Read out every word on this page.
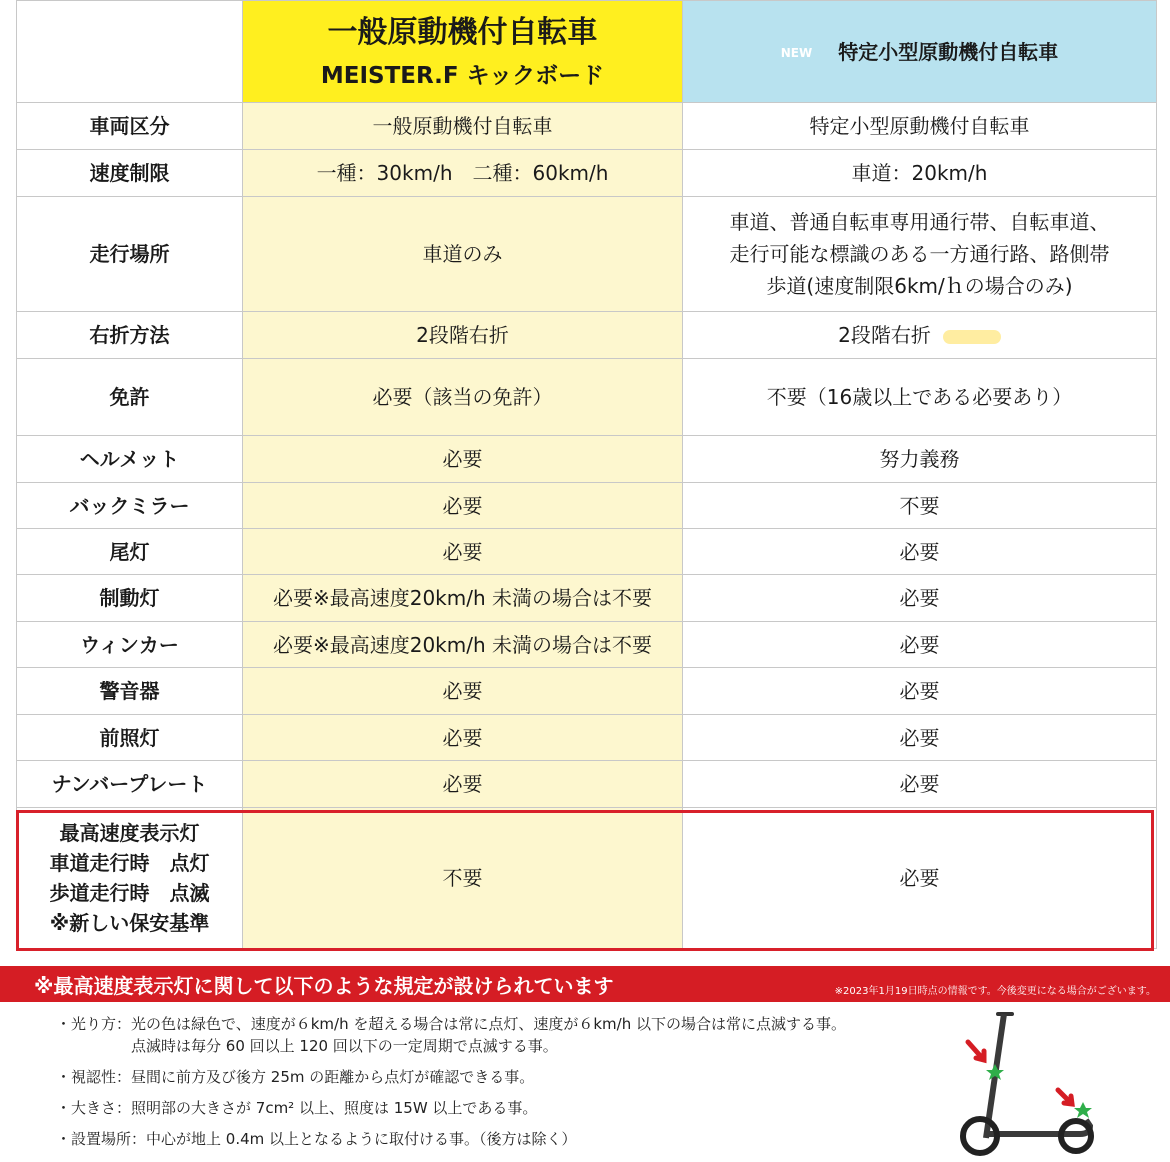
	一般原動機付自転車
MEISTER.F キックボード	NEW 特定小型原動機付自転車
車両区分	一般原動機付自転車	特定小型原動機付自転車
速度制限	一種：30km/h　二種：60km/h	車道：20km/h
走行場所	車道のみ	車道、普通自転車専用通行帯、自転車道、
走行可能な標識のある一方通行路、路側帯
歩道(速度制限6km/ｈの場合のみ)

右折方法	2段階右折	2段階右折
免許	必要（該当の免許）	不要（16歳以上である必要あり）
ヘルメット	必要	努力義務
バックミラー	必要	不要
尾灯	必要	必要
制動灯	必要※最高速度20km/h 未満の場合は不要	必要
ウィンカー	必要※最高速度20km/h 未満の場合は不要	必要
警音器	必要	必要
前照灯	必要	必要
ナンバープレート	必要	必要

最高速度表示灯
車道走行時　点灯
歩道走行時　点滅
※新しい保安基準	不要	必要
※最高速度表示灯に関して以下のような規定が設けられています	※2023年1月19日時点の情報です。今後変更になる場合がございます。
・光り方： 光の色は緑色で、速度が６km/h を超える場合は常に点灯、速度が６km/h 以下の場合は常に点滅する事。
点滅時は毎分 60 回以上 120 回以下の一定周期で点滅する事。
・視認性： 昼間に前方及び後方 25m の距離から点灯が確認できる事。
・大きさ： 照明部の大きさが 7cm² 以上、照度は 15W 以上である事。
・設置場所： 中心が地上 0.4m 以上となるように取付ける事。（後方は除く）
